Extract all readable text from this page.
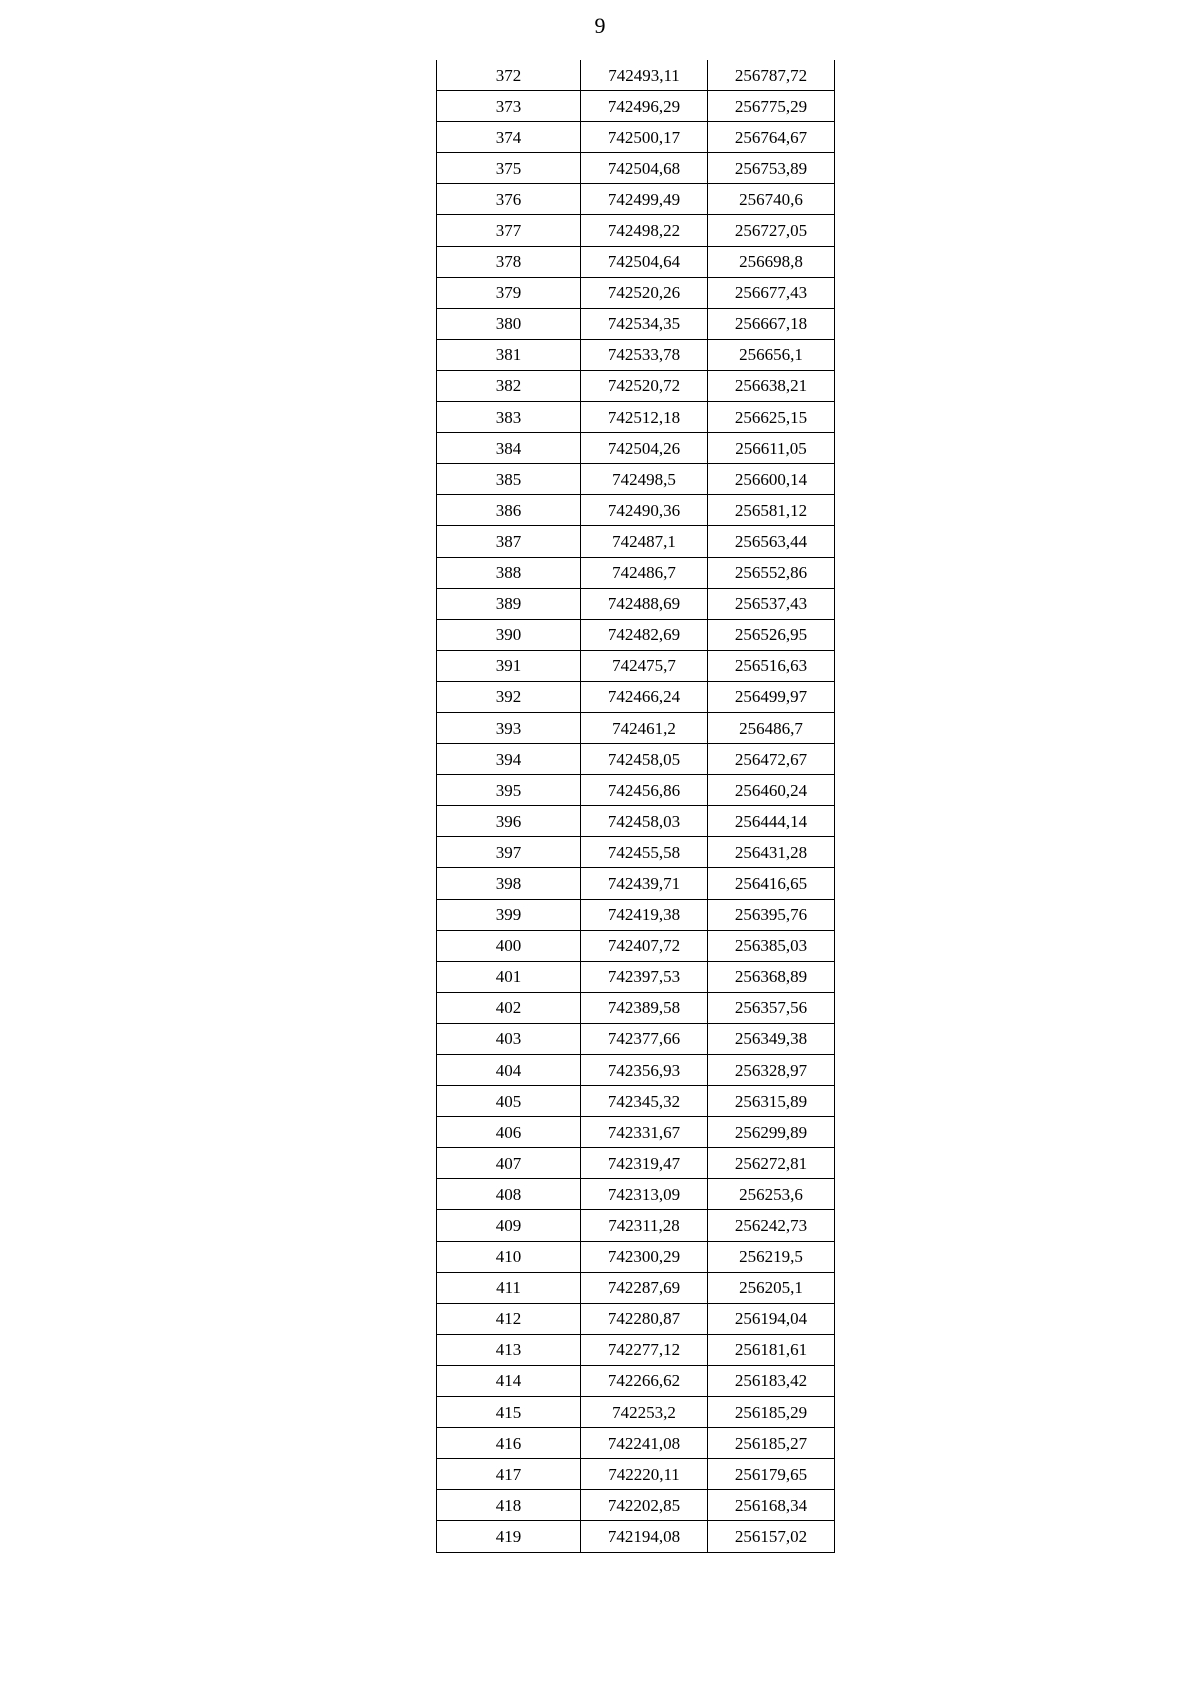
9
372	742493,11	256787,72
373	742496,29	256775,29
374	742500,17	256764,67
375	742504,68	256753,89
376	742499,49	256740,6
377	742498,22	256727,05
378	742504,64	256698,8
379	742520,26	256677,43
380	742534,35	256667,18
381	742533,78	256656,1
382	742520,72	256638,21
383	742512,18	256625,15
384	742504,26	256611,05
385	742498,5	256600,14
386	742490,36	256581,12
387	742487,1	256563,44
388	742486,7	256552,86
389	742488,69	256537,43
390	742482,69	256526,95
391	742475,7	256516,63
392	742466,24	256499,97
393	742461,2	256486,7
394	742458,05	256472,67
395	742456,86	256460,24
396	742458,03	256444,14
397	742455,58	256431,28
398	742439,71	256416,65
399	742419,38	256395,76
400	742407,72	256385,03
401	742397,53	256368,89
402	742389,58	256357,56
403	742377,66	256349,38
404	742356,93	256328,97
405	742345,32	256315,89
406	742331,67	256299,89
407	742319,47	256272,81
408	742313,09	256253,6
409	742311,28	256242,73
410	742300,29	256219,5
411	742287,69	256205,1
412	742280,87	256194,04
413	742277,12	256181,61
414	742266,62	256183,42
415	742253,2	256185,29
416	742241,08	256185,27
417	742220,11	256179,65
418	742202,85	256168,34
419	742194,08	256157,02
